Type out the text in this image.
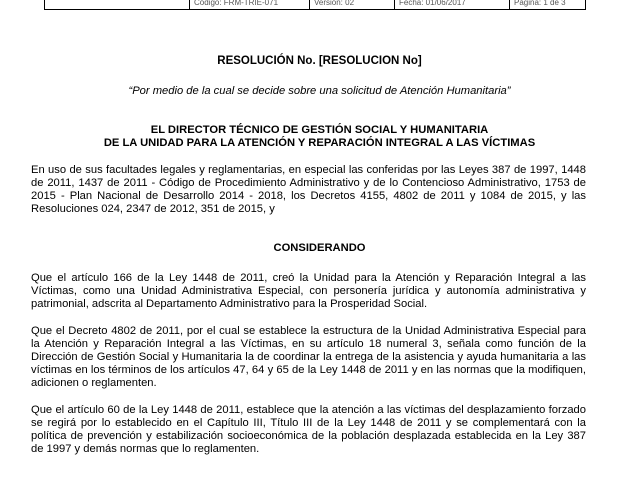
Código: FRM-TRIE-071	Versión: 02	Fecha: 01/06/2017	Página: 1 de 3

RESOLUCIÓN No. [RESOLUCION No]

“Por medio de la cual se decide sobre una solicitud de Atención Humanitaria”

EL DIRECTOR TÉCNICO DE GESTIÓN SOCIAL Y HUMANITARIA
DE LA UNIDAD PARA LA ATENCIÓN Y REPARACIÓN INTEGRAL A LAS VÍCTIMAS

En uso de sus facultades legales y reglamentarias, en especial las conferidas por las Leyes 387 de 1997, 1448 de 2011, 1437 de 2011 - Código de Procedimiento Administrativo y de lo Contencioso Administrativo, 1753 de 2015 - Plan Nacional de Desarrollo 2014 - 2018, los Decretos 4155, 4802 de 2011 y 1084 de 2015, y las Resoluciones 024, 2347 de 2012, 351 de 2015, y

CONSIDERANDO

Que el artículo 166 de la Ley 1448 de 2011, creó la Unidad para la Atención y Reparación Integral a las Víctimas, como una Unidad Administrativa Especial, con personería jurídica y autonomía administrativa y patrimonial, adscrita al Departamento Administrativo para la Prosperidad Social.

Que el Decreto 4802 de 2011, por el cual se establece la estructura de la Unidad Administrativa Especial para la Atención y Reparación Integral a las Víctimas, en su artículo 18 numeral 3, señala como función de la Dirección de Gestión Social y Humanitaria la de coordinar la entrega de la asistencia y ayuda humanitaria a las víctimas en los términos de los artículos 47, 64 y 65 de la Ley 1448 de 2011 y en las normas que la modifiquen, adicionen o reglamenten.

Que el artículo 60 de la Ley 1448 de 2011, establece que la atención a las víctimas del desplazamiento forzado se regirá por lo establecido en el Capítulo III, Título III de la Ley 1448 de 2011 y se complementará con la política de prevención y estabilización socioeconómica de la población desplazada establecida en la Ley 387 de 1997 y demás normas que lo reglamenten.
